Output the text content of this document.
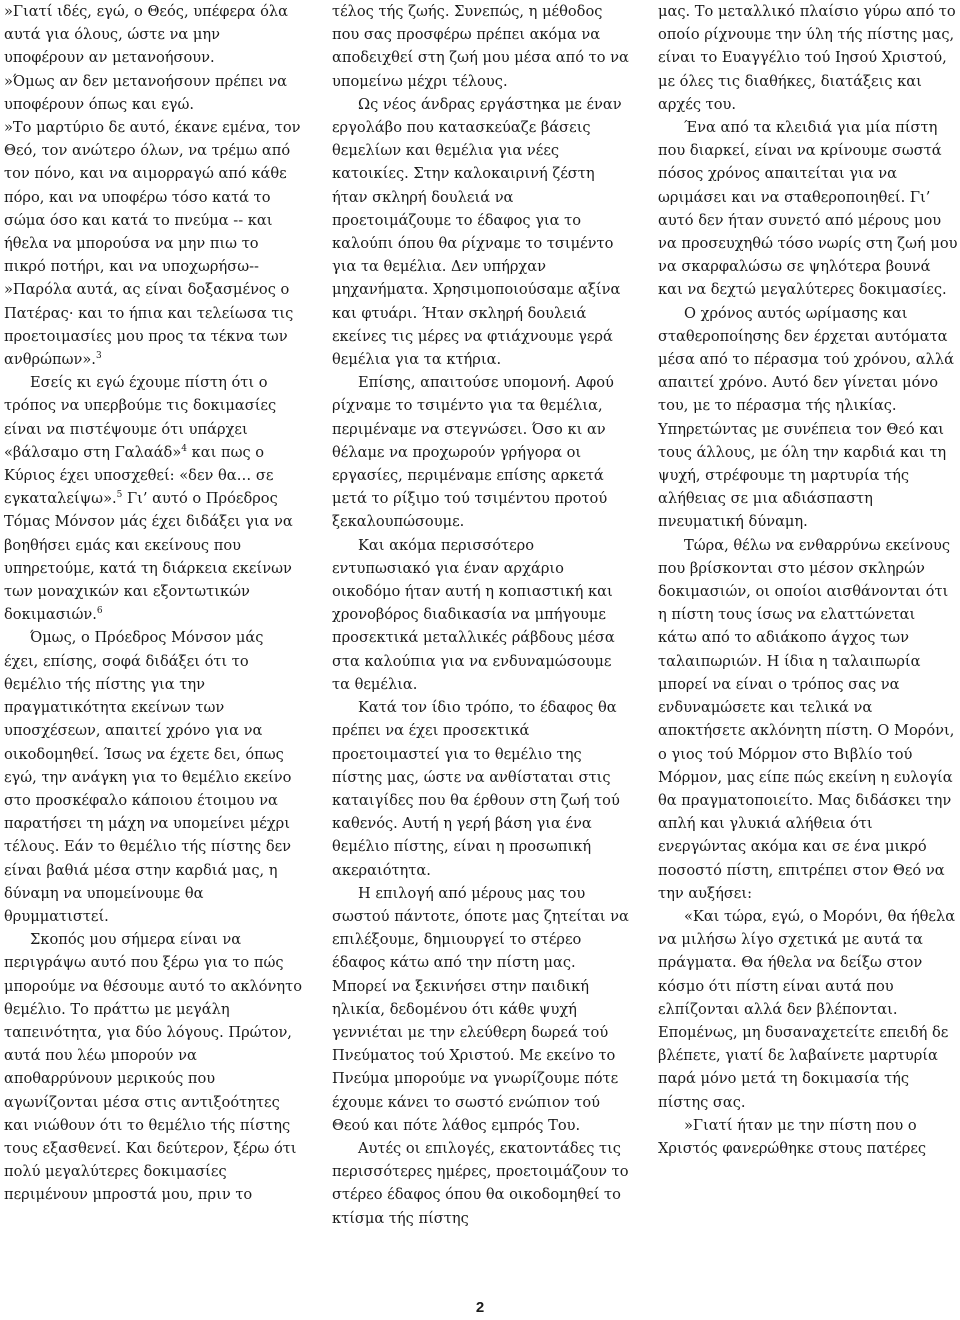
»Γιατί ιδές, εγώ, ο Θεός, υπέφερα όλα αυτά για όλους, ώστε να μην υποφέρουν αν μετανοήσουν.

»Όμως αν δεν μετανοήσουν πρέπει να υποφέρουν όπως και εγώ.

»Το μαρτύριο δε αυτό, έκανε εμένα, τον Θεό, τον ανώτερο όλων, να τρέμω από τον πόνο, και να αιμορραγώ από κάθε πόρο, και να υποφέρω τόσο κατά το σώμα όσο και κατά το πνεύμα -- και ήθελα να μπορούσα να μην πιω το πικρό ποτήρι, και να υποχωρήσω--

»Παρόλα αυτά, ας είναι δοξασμένος ο Πατέρας· και το ήπια και τελείωσα τις προετοιμασίες μου προς τα τέκνα των ανθρώπων».$^3$

Εσείς κι εγώ έχουμε πίστη ότι ο τρόπος να υπερβούμε τις δοκιμασίες είναι να πιστέψουμε ότι υπάρχει «βάλσαμο στη Γαλαάδ»$^4$ και πως ο Κύριος έχει υποσχεθεί: «δεν θα… σε εγκαταλείψω».$^5$ Γι’ αυτό ο Πρόεδρος Τόμας Μόνσον μάς έχει διδάξει για να βοηθήσει εμάς και εκείνους που υπηρετούμε, κατά τη διάρκεια εκείνων των μοναχικών και εξοντωτικών δοκιμασιών.$^6$

Όμως, ο Πρόεδρος Μόνσον μάς έχει, επίσης, σοφά διδάξει ότι το θεμέλιο τής πίστης για την πραγματικότητα εκείνων των υποσχέσεων, απαιτεί χρόνο για να οικοδομηθεί. Ίσως να έχετε δει, όπως εγώ, την ανάγκη για το θεμέλιο εκείνο στο προσκέφαλο κάποιου έτοιμου να παρατήσει τη μάχη να υπομείνει μέχρι τέλους. Εάν το θεμέλιο τής πίστης δεν είναι βαθιά μέσα στην καρδιά μας, η δύναμη να υπομείνουμε θα θρυμματιστεί.

Σκοπός μου σήμερα είναι να περιγράψω αυτό που ξέρω για το πώς μπορούμε να θέσουμε αυτό το ακλόνητο θεμέλιο. Το πράττω με μεγάλη ταπεινότητα, για δύο λόγους. Πρώτον, αυτά που λέω μπορούν να αποθαρρύνουν μερικούς που αγωνίζονται μέσα στις αντιξοότητες και νιώθουν ότι το θεμέλιο τής πίστης τους εξασθενεί. Και δεύτερον, ξέρω ότι πολύ μεγαλύτερες δοκιμασίες περιμένουν μπροστά μου, πριν το

τέλος τής ζωής. Συνεπώς, η μέθοδος που σας προσφέρω πρέπει ακόμα να αποδειχθεί στη ζωή μου μέσα από το να υπομείνω μέχρι τέλους.

Ως νέος άνδρας εργάστηκα με έναν εργολάβο που κατασκεύαζε βάσεις θεμελίων και θεμέλια για νέες κατοικίες. Στην καλοκαιρινή ζέστη ήταν σκληρή δουλειά να προετοιμάζουμε το έδαφος για το καλούπι όπου θα ρίχναμε το τσιμέντο για τα θεμέλια. Δεν υπήρχαν μηχανήματα. Χρησιμοποιούσαμε αξίνα και φτυάρι. Ήταν σκληρή δουλειά εκείνες τις μέρες να φτιάχνουμε γερά θεμέλια για τα κτήρια.

Επίσης, απαιτούσε υπομονή. Αφού ρίχναμε το τσιμέντο για τα θεμέλια, περιμέναμε να στεγνώσει. Όσο κι αν θέλαμε να προχωρούν γρήγορα οι εργασίες, περιμέναμε επίσης αρκετά μετά το ρίξιμο τού τσιμέντου προτού ξεκαλουπώσουμε.

Και ακόμα περισσότερο εντυπωσιακό για έναν αρχάριο οικοδόμο ήταν αυτή η κοπιαστική και χρονοβόρος διαδικασία να μπήγουμε προσεκτικά μεταλλικές ράβδους μέσα στα καλούπια για να ενδυναμώσουμε τα θεμέλια.

Κατά τον ίδιο τρόπο, το έδαφος θα πρέπει να έχει προσεκτικά προετοιμαστεί για το θεμέλιο της πίστης μας, ώστε να ανθίσταται στις καταιγίδες που θα έρθουν στη ζωή τού καθενός. Αυτή η γερή βάση για ένα θεμέλιο πίστης, είναι η προσωπική ακεραιότητα.

Η επιλογή από μέρους μας του σωστού πάντοτε, όποτε μας ζητείται να επιλέξουμε, δημιουργεί το στέρεο έδαφος κάτω από την πίστη μας. Μπορεί να ξεκινήσει στην παιδική ηλικία, δεδομένου ότι κάθε ψυχή γεννιέται με την ελεύθερη δωρεά τού Πνεύματος τού Χριστού. Με εκείνο το Πνεύμα μπορούμε να γνωρίζουμε πότε έχουμε κάνει το σωστό ενώπιον τού Θεού και πότε λάθος εμπρός Του.

Αυτές οι επιλογές, εκατοντάδες τις περισσότερες ημέρες, προετοιμάζουν το στέρεο έδαφος όπου θα οικοδομηθεί το κτίσμα τής πίστης

μας. Το μεταλλικό πλαίσιο γύρω από το οποίο ρίχνουμε την ύλη τής πίστης μας, είναι το Ευαγγέλιο τού Ιησού Χριστού, με όλες τις διαθήκες, διατάξεις και αρχές του.

Ένα από τα κλειδιά για μία πίστη που διαρκεί, είναι να κρίνουμε σωστά πόσος χρόνος απαιτείται για να ωριμάσει και να σταθεροποιηθεί. Γι’ αυτό δεν ήταν συνετό από μέρους μου να προσευχηθώ τόσο νωρίς στη ζωή μου να σκαρφαλώσω σε ψηλότερα βουνά και να δεχτώ μεγαλύτερες δοκιμασίες.

Ο χρόνος αυτός ωρίμασης και σταθεροποίησης δεν έρχεται αυτόματα μέσα από το πέρασμα τού χρόνου, αλλά απαιτεί χρόνο. Αυτό δεν γίνεται μόνο του, με το πέρασμα τής ηλικίας. Υπηρετώντας με συνέπεια τον Θεό και τους άλλους, με όλη την καρδιά και τη ψυχή, στρέφουμε τη μαρτυρία τής αλήθειας σε μια αδιάσπαστη πνευματική δύναμη.

Τώρα, θέλω να ενθαρρύνω εκείνους που βρίσκονται στο μέσον σκληρών δοκιμασιών, οι οποίοι αισθάνονται ότι η πίστη τους ίσως να ελαττώνεται κάτω από το αδιάκοπο άγχος των ταλαιπωριών. Η ίδια η ταλαιπωρία μπορεί να είναι ο τρόπος σας να ενδυναμώσετε και τελικά να αποκτήσετε ακλόνητη πίστη. Ο Μορόνι, ο γιος τού Μόρμον στο Βιβλίο τού Μόρμον, μας είπε πώς εκείνη η ευλογία θα πραγματοποιείτο. Μας διδάσκει την απλή και γλυκιά αλήθεια ότι ενεργώντας ακόμα και σε ένα μικρό ποσοστό πίστη, επιτρέπει στον Θεό να την αυξήσει:

«Και τώρα, εγώ, ο Μορόνι, θα ήθελα να μιλήσω λίγο σχετικά με αυτά τα πράγματα. Θα ήθελα να δείξω στον κόσμο ότι πίστη είναι αυτά που ελπίζονται αλλά δεν βλέπονται. Επομένως, μη δυσαναχετείτε επειδή δε βλέπετε, γιατί δε λαβαίνετε μαρτυρία παρά μόνο μετά τη δοκιμασία τής πίστης σας.

»Γιατί ήταν με την πίστη που ο Χριστός φανερώθηκε στους πατέρες

2
